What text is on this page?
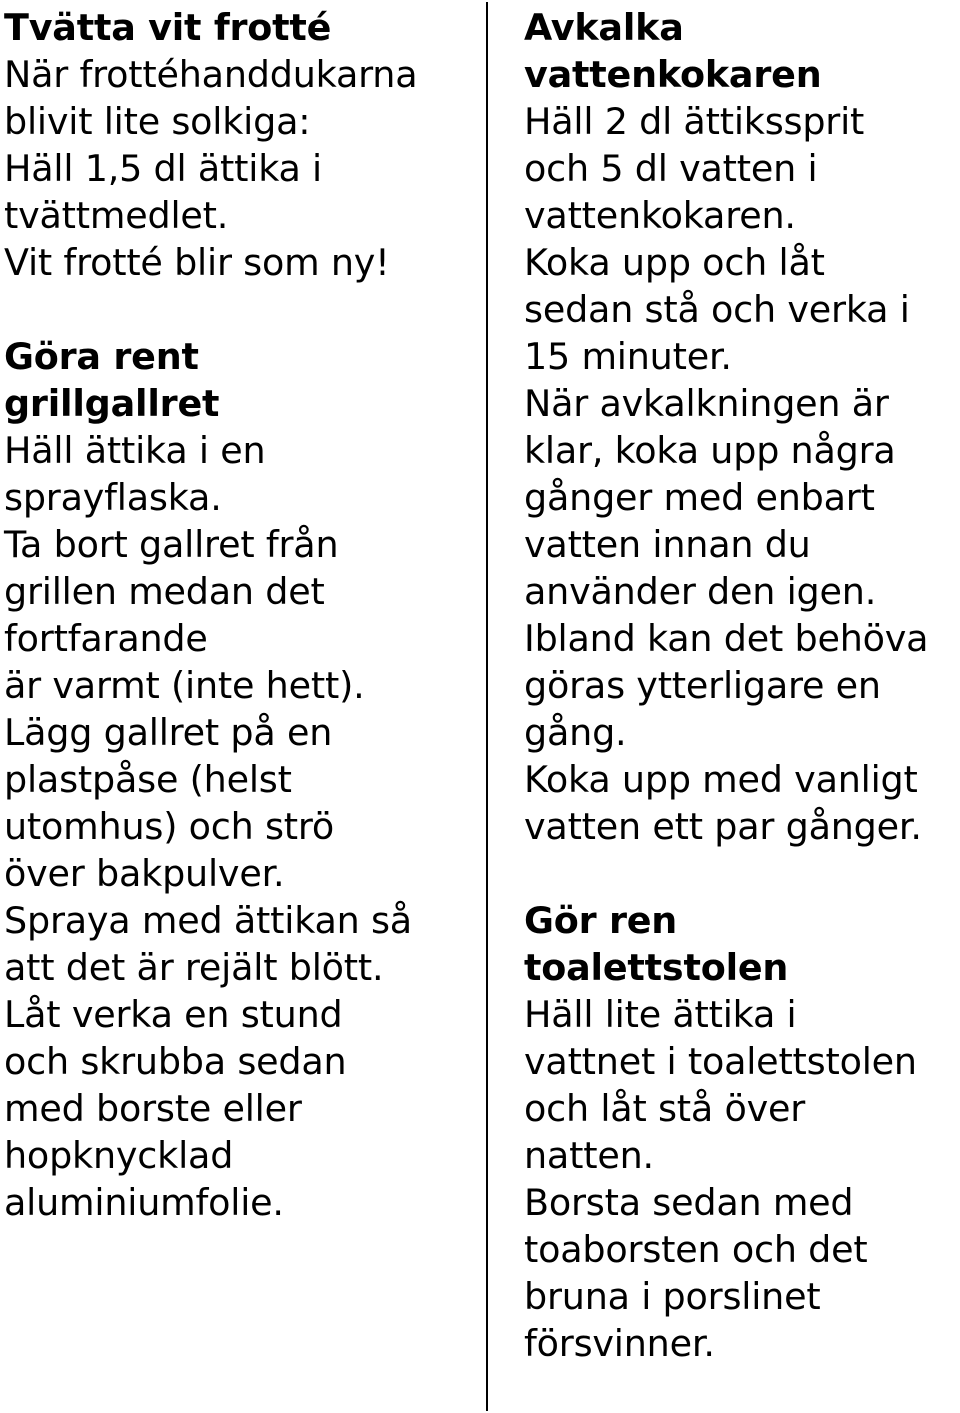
Tvätta vit frotté
När frottéhanddukarna
blivit lite solkiga:
Häll 1,5 dl ättika i
tvättmedlet.
Vit frotté blir som ny!
Göra rent
grillgallret
Häll ättika i en
sprayflaska.
Ta bort gallret från
grillen medan det
fortfarande
är varmt (inte hett).
Lägg gallret på en
plastpåse (helst
utomhus) och strö
över bakpulver.
Spraya med ättikan så
att det är rejält blött.
Låt verka en stund
och skrubba sedan
med borste eller
hopknycklad
aluminiumfolie.
Avkalka
vattenkokaren
Häll 2 dl ättikssprit
och 5 dl vatten i
vattenkokaren.
Koka upp och låt
sedan stå och verka i
15 minuter.
När avkalkningen är
klar, koka upp några
gånger med enbart
vatten innan du
använder den igen.
Ibland kan det behöva
göras ytterligare en
gång.
Koka upp med vanligt
vatten ett par gånger.
Gör ren
toalettstolen
Häll lite ättika i
vattnet i toalettstolen
och låt stå över
natten.
Borsta sedan med
toaborsten och det
bruna i porslinet
försvinner.
